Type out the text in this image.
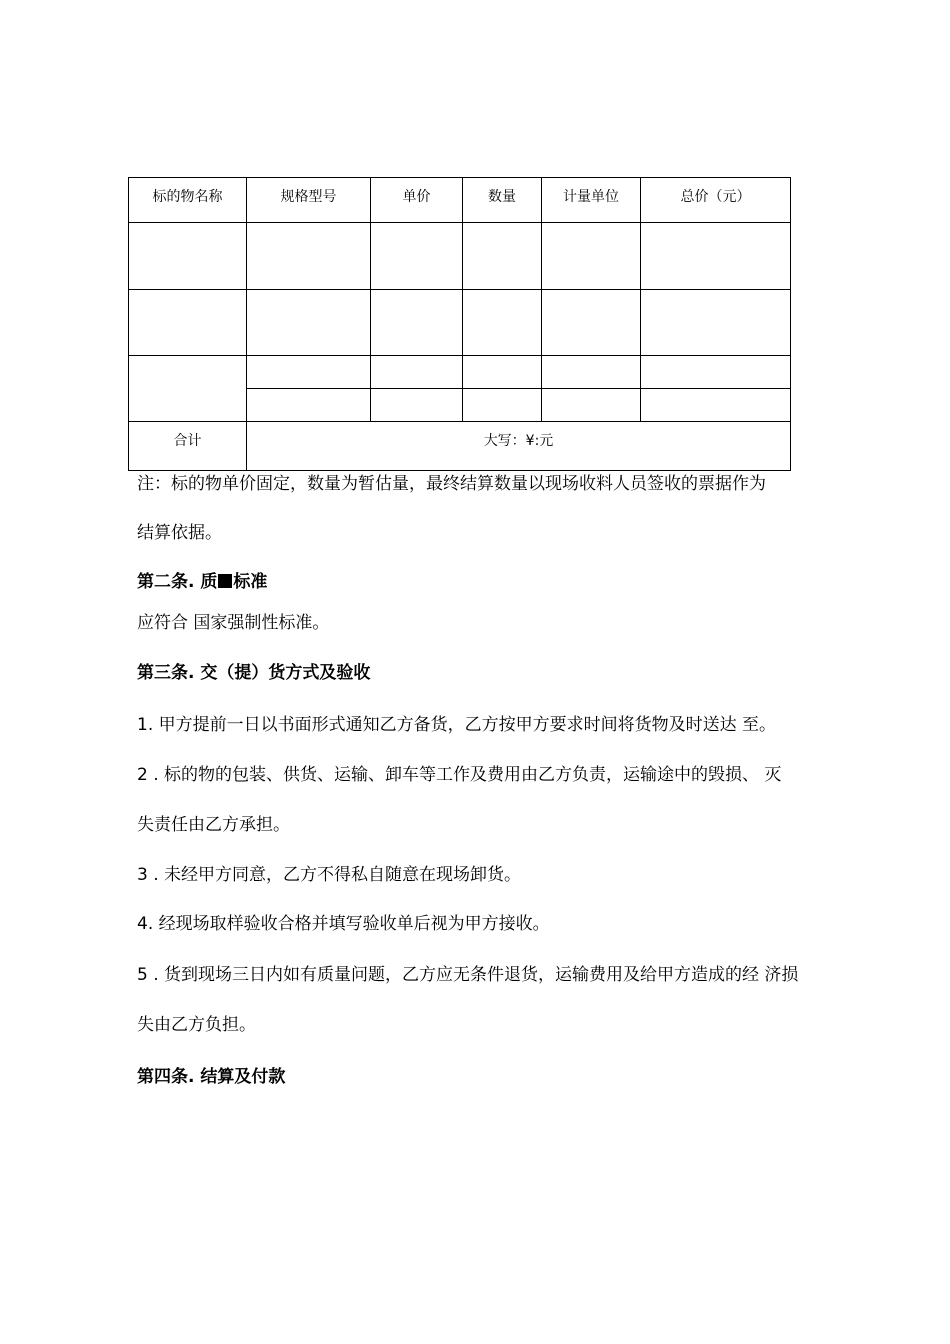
标的物名称	规格型号	单价	数量	计量单位	总价（元）

合计	大写：¥:元				
注：标的物单价固定，数量为暂估量，最终结算数量以现场收料人员签收的票据作为
结算依据。
第二条. 质 标准
应符合 国家强制性标准。
第三条. 交（提）货方式及验收
1. 甲方提前一日以书面形式通知乙方备货，乙方按甲方要求时间将货物及时送达 至。
2 . 标的物的包装、供货、运输、卸车等工作及费用由乙方负责，运输途中的毁损、 灭
失责任由乙方承担。
3 . 未经甲方同意，乙方不得私自随意在现场卸货。
4. 经现场取样验收合格并填写验收单后视为甲方接收。
5 . 货到现场三日内如有质量问题，乙方应无条件退货，运输费用及给甲方造成的经 济损
失由乙方负担。
第四条. 结算及付款
